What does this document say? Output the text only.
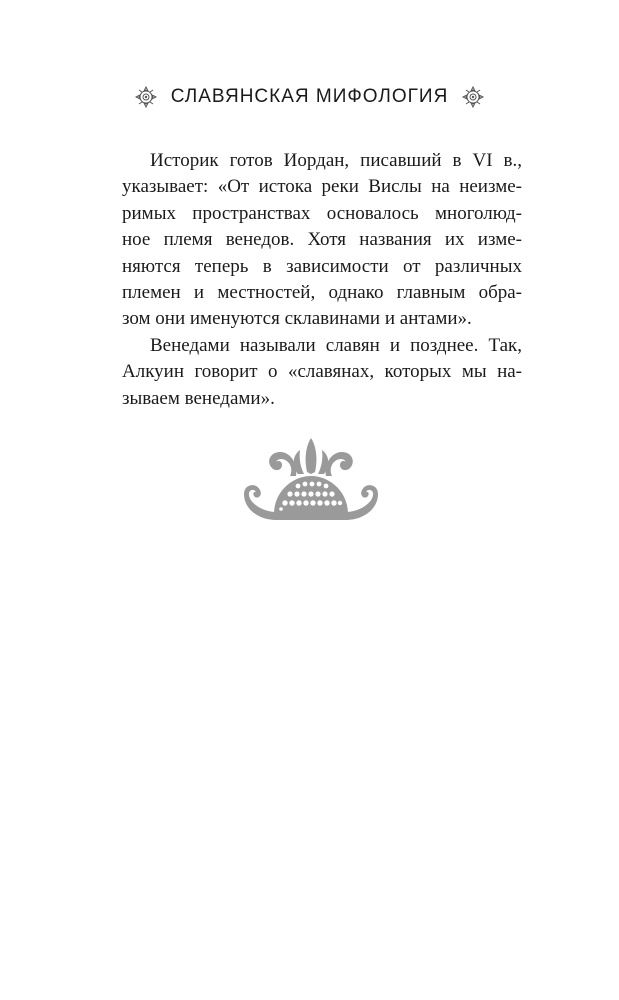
СЛАВЯНСКАЯ МИФОЛОГИЯ
Историк готов Иордан, писавший в VI в.,
указывает: «От истока реки Вислы на неизме-
римых пространствах основалось многолюд-
ное племя венедов. Хотя названия их изме-
няются теперь в зависимости от различных
племен и местностей, однако главным обра-
зом они именуются склавинами и антами».
Венедами называли славян и позднее. Так,
Алкуин говорит о «славянах, которых мы на-
зываем венедами».
